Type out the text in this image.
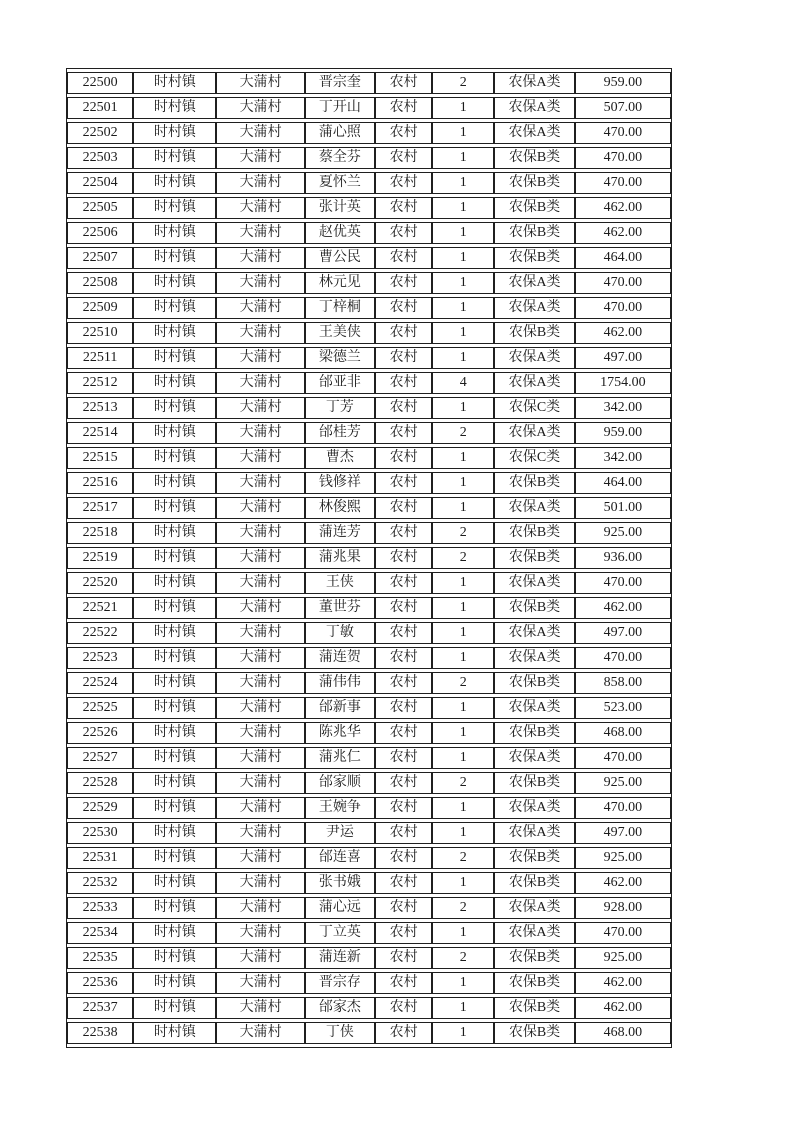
22500	时村镇	大蒲村	晋宗奎	农村	2	农保A类	959.00
22501	时村镇	大蒲村	丁开山	农村	1	农保A类	507.00
22502	时村镇	大蒲村	蒲心照	农村	1	农保A类	470.00
22503	时村镇	大蒲村	蔡全芬	农村	1	农保B类	470.00
22504	时村镇	大蒲村	夏怀兰	农村	1	农保B类	470.00
22505	时村镇	大蒲村	张计英	农村	1	农保B类	462.00
22506	时村镇	大蒲村	赵优英	农村	1	农保B类	462.00
22507	时村镇	大蒲村	曹公民	农村	1	农保B类	464.00
22508	时村镇	大蒲村	林元见	农村	1	农保A类	470.00
22509	时村镇	大蒲村	丁梓桐	农村	1	农保A类	470.00
22510	时村镇	大蒲村	王美侠	农村	1	农保B类	462.00
22511	时村镇	大蒲村	梁德兰	农村	1	农保A类	497.00
22512	时村镇	大蒲村	邰亚非	农村	4	农保A类	1754.00
22513	时村镇	大蒲村	丁芳	农村	1	农保C类	342.00
22514	时村镇	大蒲村	邰桂芳	农村	2	农保A类	959.00
22515	时村镇	大蒲村	曹杰	农村	1	农保C类	342.00
22516	时村镇	大蒲村	钱修祥	农村	1	农保B类	464.00
22517	时村镇	大蒲村	林俊熙	农村	1	农保A类	501.00
22518	时村镇	大蒲村	蒲连芳	农村	2	农保B类	925.00
22519	时村镇	大蒲村	蒲兆果	农村	2	农保B类	936.00
22520	时村镇	大蒲村	王侠	农村	1	农保A类	470.00
22521	时村镇	大蒲村	董世芬	农村	1	农保B类	462.00
22522	时村镇	大蒲村	丁敏	农村	1	农保A类	497.00
22523	时村镇	大蒲村	蒲连贺	农村	1	农保A类	470.00
22524	时村镇	大蒲村	蒲伟伟	农村	2	农保B类	858.00
22525	时村镇	大蒲村	邰新事	农村	1	农保A类	523.00
22526	时村镇	大蒲村	陈兆华	农村	1	农保B类	468.00
22527	时村镇	大蒲村	蒲兆仁	农村	1	农保A类	470.00
22528	时村镇	大蒲村	邰家顺	农村	2	农保B类	925.00
22529	时村镇	大蒲村	王婉争	农村	1	农保A类	470.00
22530	时村镇	大蒲村	尹运	农村	1	农保A类	497.00
22531	时村镇	大蒲村	邰连喜	农村	2	农保B类	925.00
22532	时村镇	大蒲村	张书娥	农村	1	农保B类	462.00
22533	时村镇	大蒲村	蒲心远	农村	2	农保A类	928.00
22534	时村镇	大蒲村	丁立英	农村	1	农保A类	470.00
22535	时村镇	大蒲村	蒲连新	农村	2	农保B类	925.00
22536	时村镇	大蒲村	晋宗存	农村	1	农保B类	462.00
22537	时村镇	大蒲村	邰家杰	农村	1	农保B类	462.00
22538	时村镇	大蒲村	丁侠	农村	1	农保B类	468.00
